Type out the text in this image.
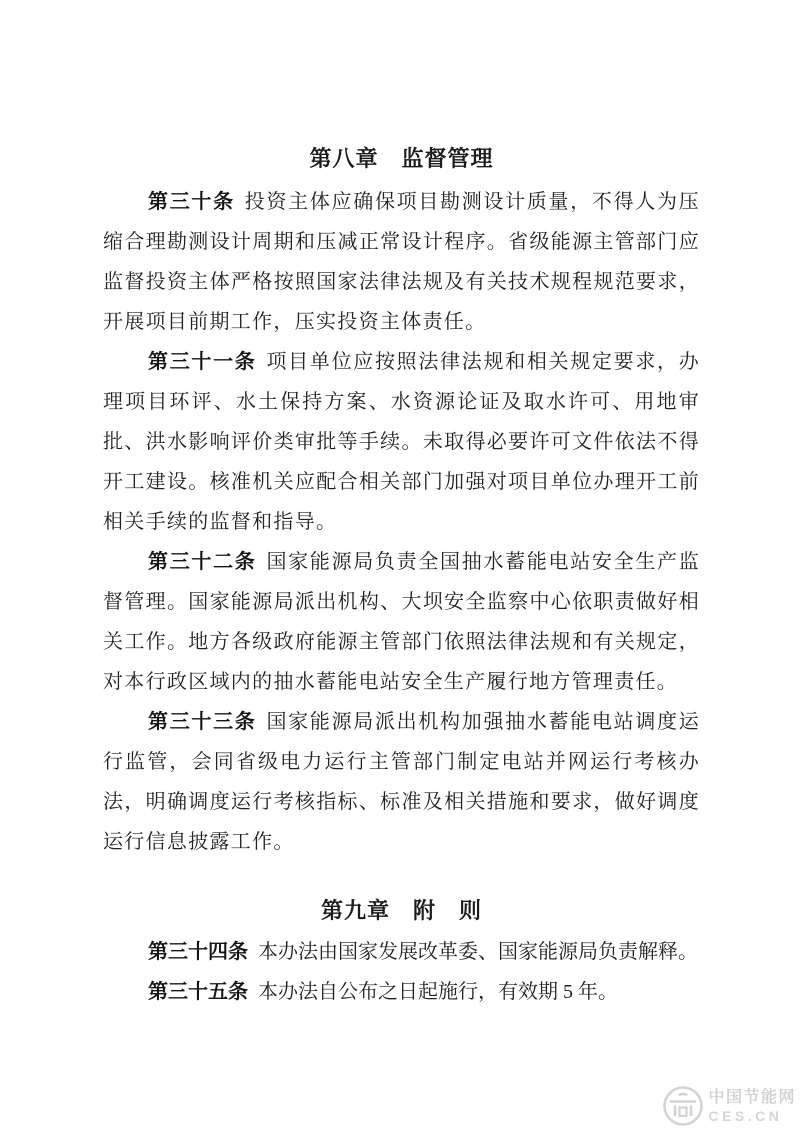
第八章　监督管理

第三十条 投资主体应确保项目勘测设计质量，不得人为压缩合理勘测设计周期和压减正常设计程序。省级能源主管部门应监督投资主体严格按照国家法律法规及有关技术规程规范要求，开展项目前期工作，压实投资主体责任。

第三十一条 项目单位应按照法律法规和相关规定要求，办理项目环评、水土保持方案、水资源论证及取水许可、用地审批、洪水影响评价类审批等手续。未取得必要许可文件依法不得开工建设。核准机关应配合相关部门加强对项目单位办理开工前相关手续的监督和指导。

第三十二条 国家能源局负责全国抽水蓄能电站安全生产监督管理。国家能源局派出机构、大坝安全监察中心依职责做好相关工作。地方各级政府能源主管部门依照法律法规和有关规定，对本行政区域内的抽水蓄能电站安全生产履行地方管理责任。

第三十三条 国家能源局派出机构加强抽水蓄能电站调度运行监管，会同省级电力运行主管部门制定电站并网运行考核办法，明确调度运行考核指标、标准及相关措施和要求，做好调度运行信息披露工作。

第九章　附　则

第三十四条 本办法由国家发展改革委、国家能源局负责解释。

第三十五条 本办法自公布之日起施行，有效期 5 年。

中国节能网
CES.CN
